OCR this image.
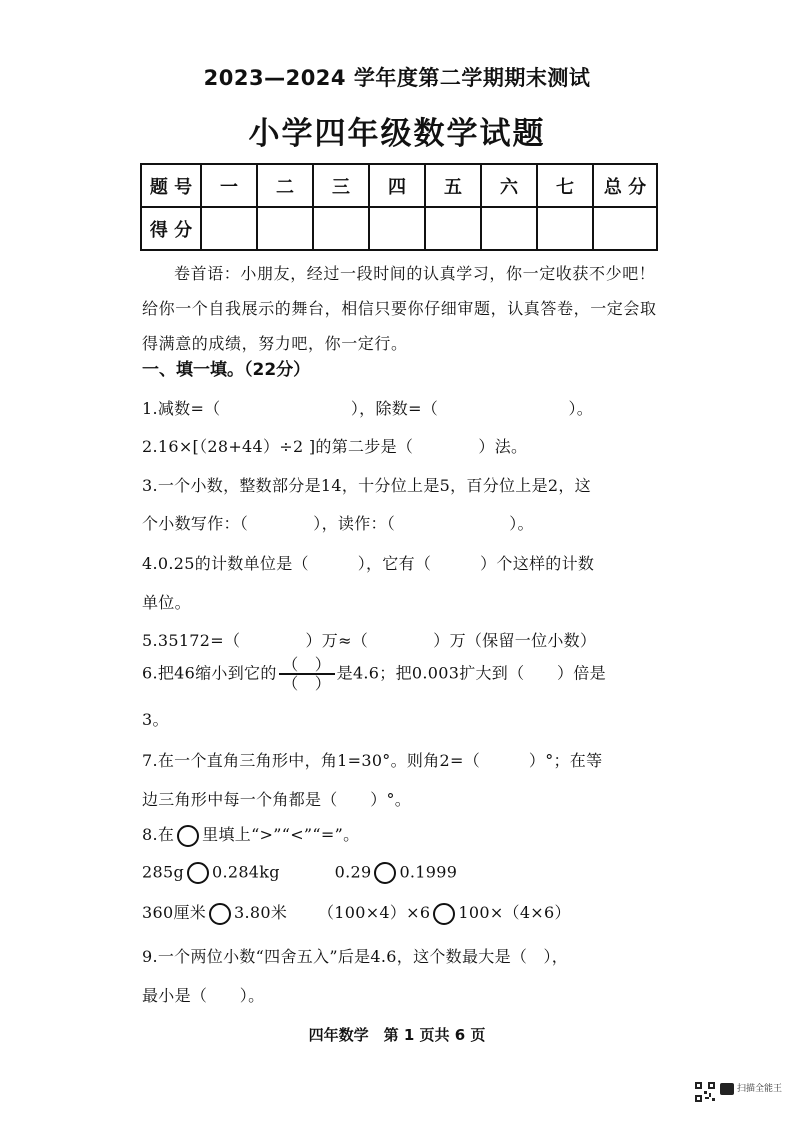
2023—2024 学年度第二学期期末测试
小学四年级数学试题
题 号	一	二	三	四	五	六	七	总 分
得 分								

卷首语：小朋友，经过一段时间的认真学习，你一定收获不少吧！给你一个自我展示的舞台，相信只要你仔细审题，认真答卷，一定会取得满意的成绩，努力吧，你一定行。

一、填一填。（22分）
1.减数=（　　　　　　　　），除数=（　　　　　　　　）。
2.16×[（28+44）÷2 ]的第二步是（　　　　）法。
3.一个小数，整数部分是14，十分位上是5，百分位上是2，这
个小数写作：（　　　　），读作：（　　　　　　　）。
4.0.25的计数单位是（　　　），它有（　　　）个这样的计数
单位。
5.35172=（　　　　）万≈（　　　　）万（保留一位小数）
6.把46缩小到它的 $\frac{( )}{( )}$ 是4.6；把0.003扩大到（　　）倍是
3。
7.在一个直角三角形中，角1=30°。则角2=（　　　）°；在等
边三角形中每一个角都是（　　）°。
8.在 里填上“>”“<”“=”。
285g 0.284kg	0.29 0.1999
360厘米 3.80米 （100×4）×6 100×（4×6）
9.一个两位小数“四舍五入”后是4.6，这个数最大是（　），
最小是（　　）。
四年数学　第 1 页共 6 页
扫描全能王
